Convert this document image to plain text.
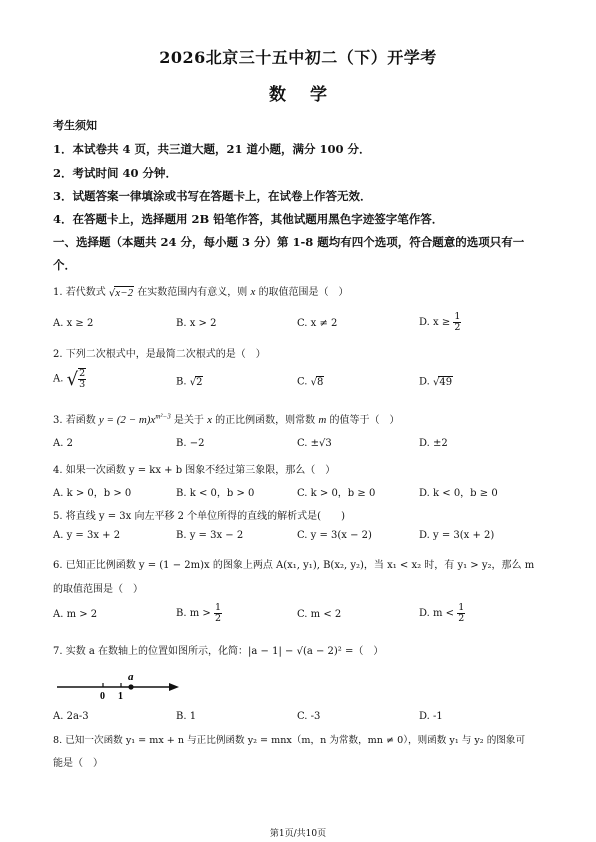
2026北京三十五中初二（下）开学考
数学
考生须知
1．本试卷共 4 页，共三道大题，21 道小题，满分 100 分．
2．考试时间 40 分钟．
3．试题答案一律填涂或书写在答题卡上，在试卷上作答无效．
4．在答题卡上，选择题用 2B 铅笔作答，其他试题用黑色字迹签字笔作答．
一、选择题（本题共 24 分，每小题 3 分）第 1-8 题均有四个选项，符合题意的选项只有一
个．
1. 若代数式 √x−2 在实数范围内有意义，则 x 的取值范围是（　）
A. x ≥ 2	B. x > 2	C. x ≠ 2	D. $x \ge \frac{1}{2}$
2. 下列二次根式中，是最简二次根式的是（　）
A. √ $\frac{2}{3}$	B. √2	C. √8	D. √49
3. 若函数 $y = (2 - m)x^{m^2-3}$ 是关于 x 的正比例函数，则常数 m 的值等于（　）
A. 2	B. −2	C. ±√3	D. ±2
4. 如果一次函数 y = kx + b 图象不经过第三象限，那么（　）
A. k > 0，b > 0	B. k < 0，b > 0	C. k > 0，b ≥ 0	D. k < 0，b ≥ 0
5. 将直线 y = 3x 向左平移 2 个单位所得的直线的解析式是(　　)
A. y = 3x + 2	B. y = 3x − 2	C. y = 3(x − 2)	D. y = 3(x + 2)
6. 已知正比例函数 y = (1 − 2m)x 的图象上两点 A(x₁, y₁), B(x₂, y₂)，当 x₁ < x₂ 时，有 y₁ > y₂，那么 m
的取值范围是（　）
A. m > 2	B. $m > \frac{1}{2}$	C. m < 2	D. $m < \frac{1}{2}$
7. 实数 a 在数轴上的位置如图所示，化简：|a − 1| − √(a − 2)² =（　）
0 1
a
A. 2a-3	B. 1	C. -3	D. -1
8. 已知一次函数 y₁ = mx + n 与正比例函数 y₂ = mnx（m，n 为常数，mn ≠ 0），则函数 y₁ 与 y₂ 的图象可
能是（　）
第1页/共10页
